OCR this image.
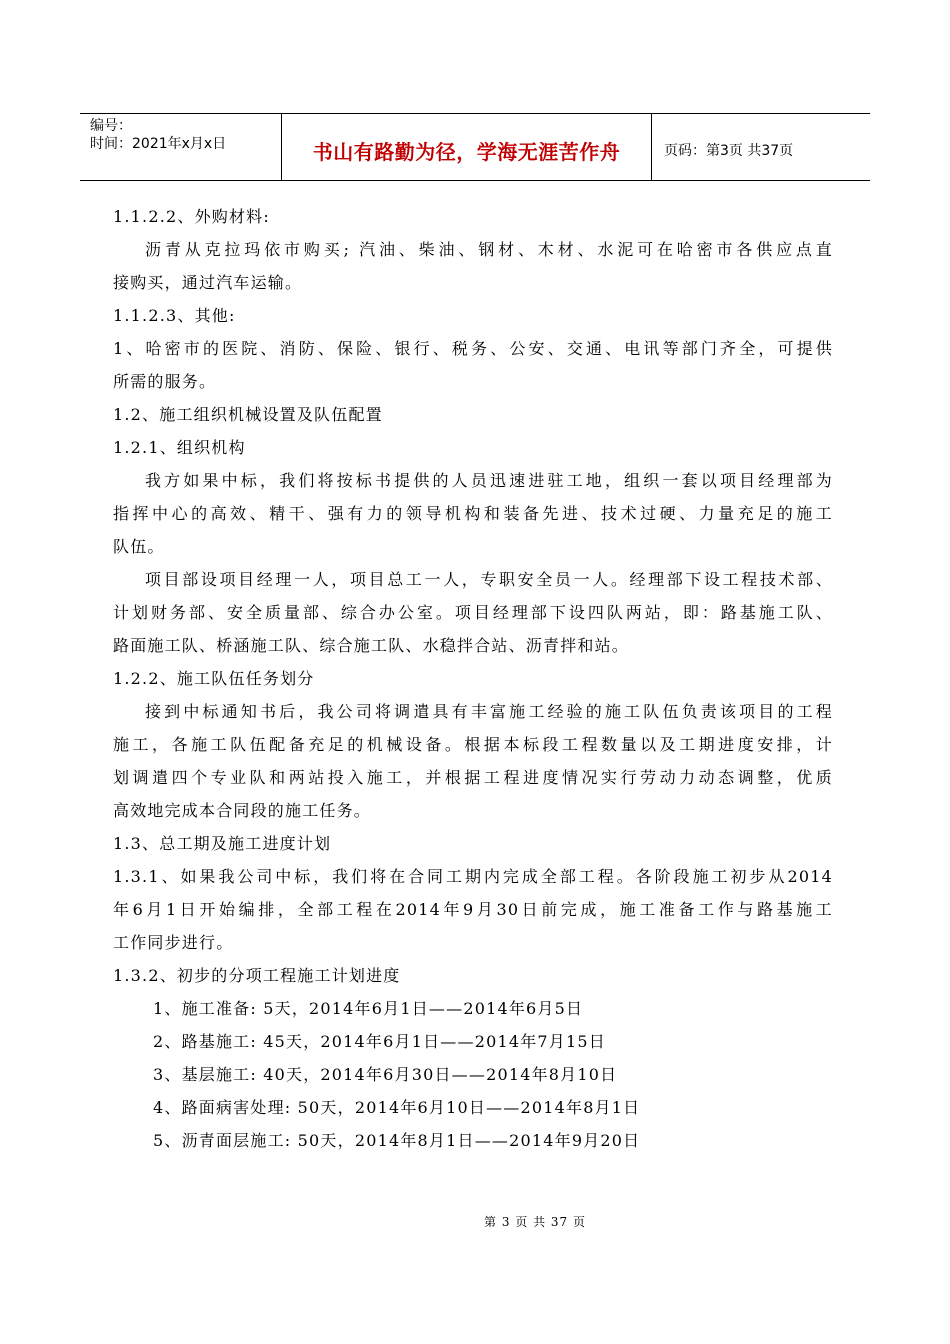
编号：
时间：2021年x月x日	书山有路勤为径，学海无涯苦作舟	页码：第3页 共37页
1.1.2.2、外购材料:
沥青从克拉玛依市购买; 汽油、柴油、钢材、木材、水泥可在哈密市各供应点直
接购买，通过汽车运输。
1.1.2.3、其他:
1、哈密市的医院、消防、保险、银行、税务、公安、交通、电讯等部门齐全，可提供
所需的服务。
1.2、施工组织机械设置及队伍配置
1.2.1、组织机构
我方如果中标，我们将按标书提供的人员迅速进驻工地，组织一套以项目经理部为
指挥中心的高效、精干、强有力的领导机构和装备先进、技术过硬、力量充足的施工
队伍。
项目部设项目经理一人，项目总工一人，专职安全员一人。经理部下设工程技术部、
计划财务部、安全质量部、综合办公室。项目经理部下设四队两站，即：路基施工队、
路面施工队、桥涵施工队、综合施工队、水稳拌合站、沥青拌和站。
1.2.2、施工队伍任务划分
接到中标通知书后，我公司将调遣具有丰富施工经验的施工队伍负责该项目的工程
施工，各施工队伍配备充足的机械设备。根据本标段工程数量以及工期进度安排，计
划调遣四个专业队和两站投入施工，并根据工程进度情况实行劳动力动态调整，优质
高效地完成本合同段的施工任务。
1.3、总工期及施工进度计划
1.3.1、如果我公司中标，我们将在合同工期内完成全部工程。各阶段施工初步从2014
年6月1日开始编排，全部工程在2014年9月30日前完成，施工准备工作与路基施工
工作同步进行。
1.3.2、初步的分项工程施工计划进度
1、施工准备: 5天，2014年6月1日——2014年6月5日
2、路基施工: 45天，2014年6月1日——2014年7月15日
3、基层施工: 40天，2014年6月30日——2014年8月10日
4、路面病害处理: 50天，2014年6月10日——2014年8月1日
5、沥青面层施工: 50天，2014年8月1日——2014年9月20日
第 3 页 共 37 页
